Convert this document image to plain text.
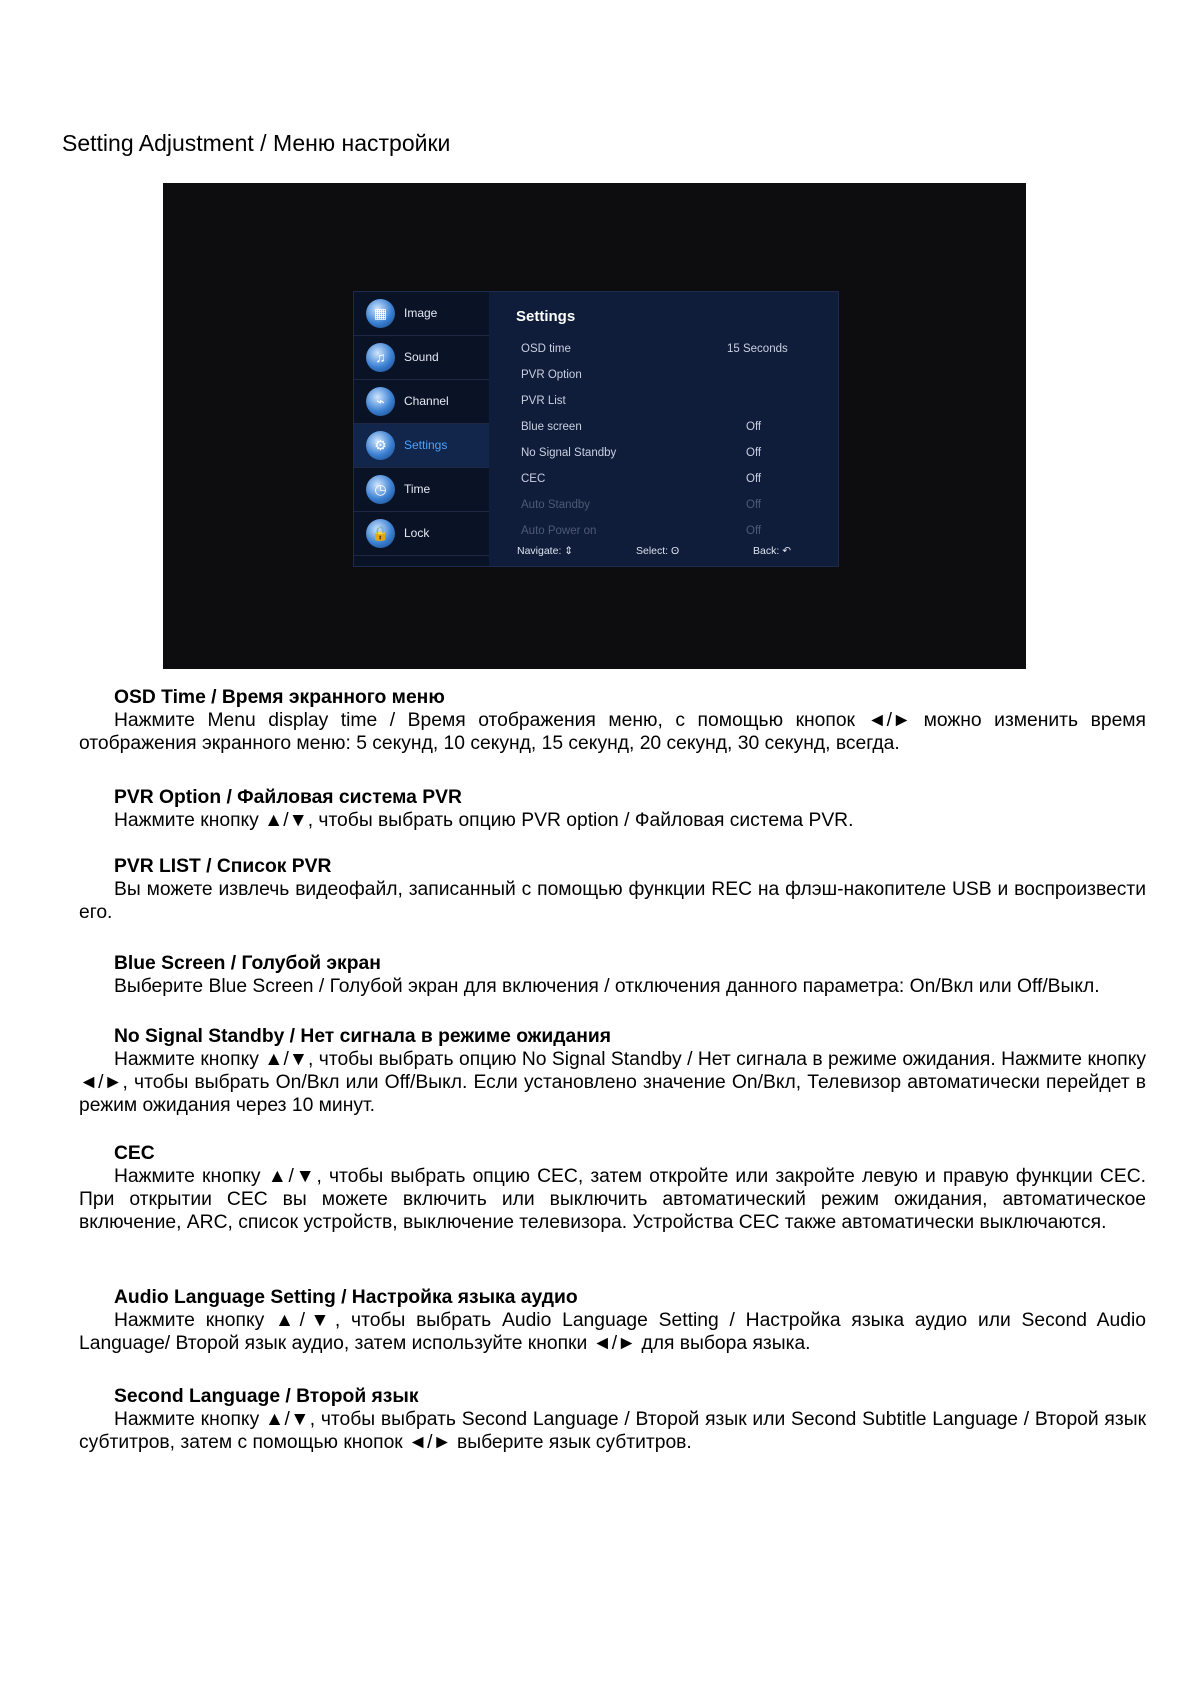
Setting Adjustment / Меню настройки
▦	Image
♫	Sound
⌁	Channel
⚙	Settings
◷	Time
🔒	Lock
Settings
OSD time	15 Seconds
PVR Option
PVR List
Blue screen	Off
No Signal Standby	Off
CEC	Off
Auto Standby	Off
Auto Power on	Off
Navigate: ⇕	Select: ʘ	Back: ↶
OSD Time / Время экранного меню

Нажмите Menu display time / Время отображения меню, с помощью кнопок ◄/► можно изменить время отображения экранного меню: 5 секунд, 10 секунд, 15 секунд, 20 секунд, 30 секунд, всегда.

PVR Option / Файловая система PVR

Нажмите кнопку ▲/▼, чтобы выбрать опцию PVR option / Файловая система PVR.

PVR LIST / Список PVR

Вы можете извлечь видеофайл, записанный с помощью функции REC на флэш-накопителе USB и воспроизвести его.

Blue Screen / Голубой экран

Выберите Blue Screen / Голубой экран для включения / отключения данного параметра: On/Вкл или Off/Выкл.

No Signal Standby / Нет сигнала в режиме ожидания

Нажмите кнопку ▲/▼, чтобы выбрать опцию No Signal Standby / Нет сигнала в режиме ожидания. Нажмите кнопку ◄/►, чтобы выбрать On/Вкл или Off/Выкл. Если установлено значение On/Вкл, Телевизор автоматически перейдет в режим ожидания через 10 минут.

CEC

Нажмите кнопку ▲/▼, чтобы выбрать опцию CEC, затем откройте или закройте левую и правую функции CEC. При открытии CEC вы можете включить или выключить автоматический режим ожидания, автоматическое включение, ARC, список устройств, выключение телевизора. Устройства CEC также автоматически выключаются.

Audio Language Setting / Настройка языка аудио

Нажмите кнопку ▲/▼, чтобы выбрать Audio Language Setting / Настройка языка аудио или Second Audio Language/ Второй язык аудио, затем используйте кнопки ◄/► для выбора языка.

Second Language / Второй язык

Нажмите кнопку ▲/▼, чтобы выбрать Second Language / Второй язык или Second Subtitle Language / Второй язык субтитров, затем с помощью кнопок ◄/► выберите язык субтитров.
